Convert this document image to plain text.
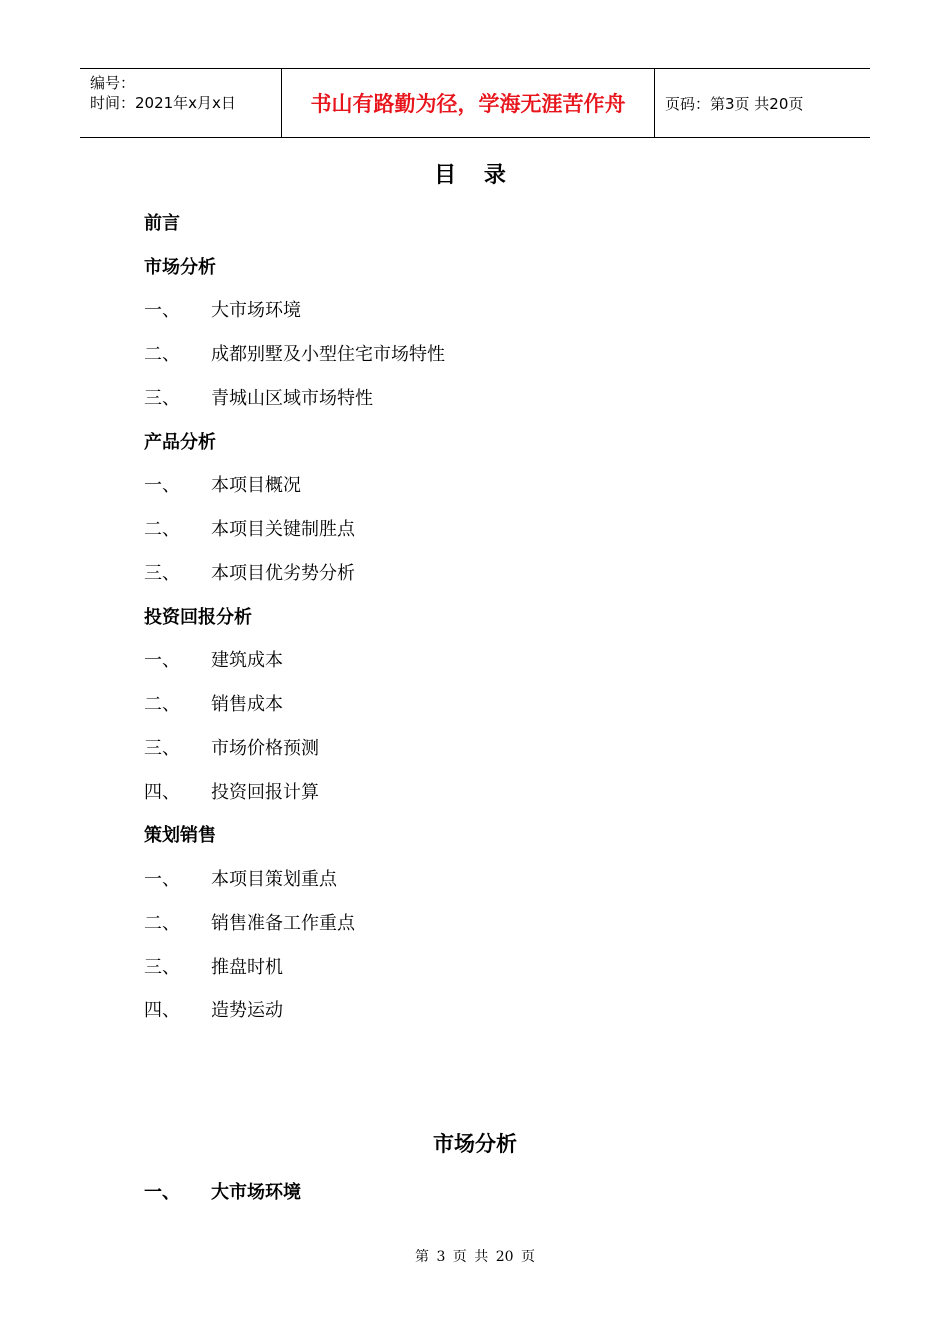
编号：
时间：2021年x月x日	书山有路勤为径，学海无涯苦作舟	页码：第3页 共20页
目 录
前言
市场分析
一、	大市场环境
二、	成都别墅及小型住宅市场特性
三、	青城山区域市场特性
产品分析
一、	本项目概况
二、	本项目关键制胜点
三、	本项目优劣势分析
投资回报分析
一、	建筑成本
二、	销售成本
三、	市场价格预测
四、	投资回报计算
策划销售
一、	本项目策划重点
二、	销售准备工作重点
三、	推盘时机
四、	造势运动
市场分析
一、	大市场环境
第 3 页 共 20 页
